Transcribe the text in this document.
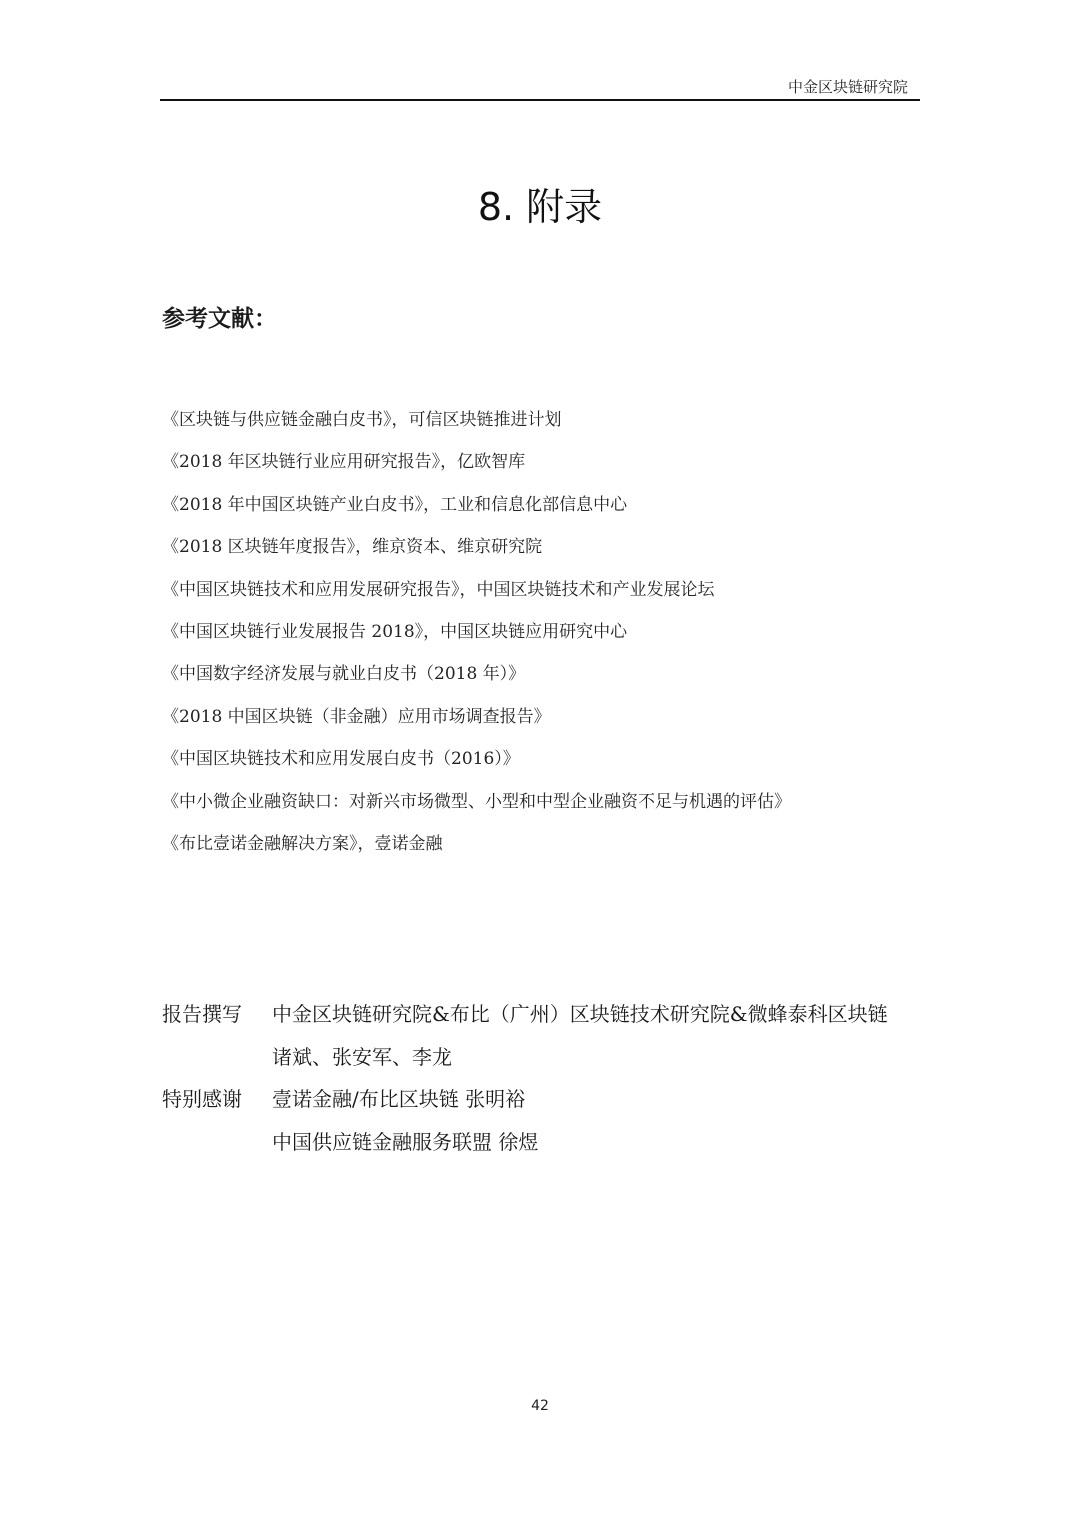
中金区块链研究院
8. 附录
参考文献：
《区块链与供应链金融白皮书》，可信区块链推进计划
《2018 年区块链行业应用研究报告》，亿欧智库
《2018 年中国区块链产业白皮书》，工业和信息化部信息中心
《2018 区块链年度报告》，维京资本、维京研究院
《中国区块链技术和应用发展研究报告》，中国区块链技术和产业发展论坛
《中国区块链行业发展报告 2018》，中国区块链应用研究中心
《中国数字经济发展与就业白皮书（2018 年）》
《2018 中国区块链（非金融）应用市场调查报告》
《中国区块链技术和应用发展白皮书（2016）》
《中小微企业融资缺口：对新兴市场微型、小型和中型企业融资不足与机遇的评估》
《布比壹诺金融解决方案》，壹诺金融
报告撰写	中金区块链研究院&布比（广州）区块链技术研究院&微蜂泰科区块链
诸斌、张安军、李龙
特别感谢	壹诺金融/布比区块链 张明裕
中国供应链金融服务联盟 徐煜
42
